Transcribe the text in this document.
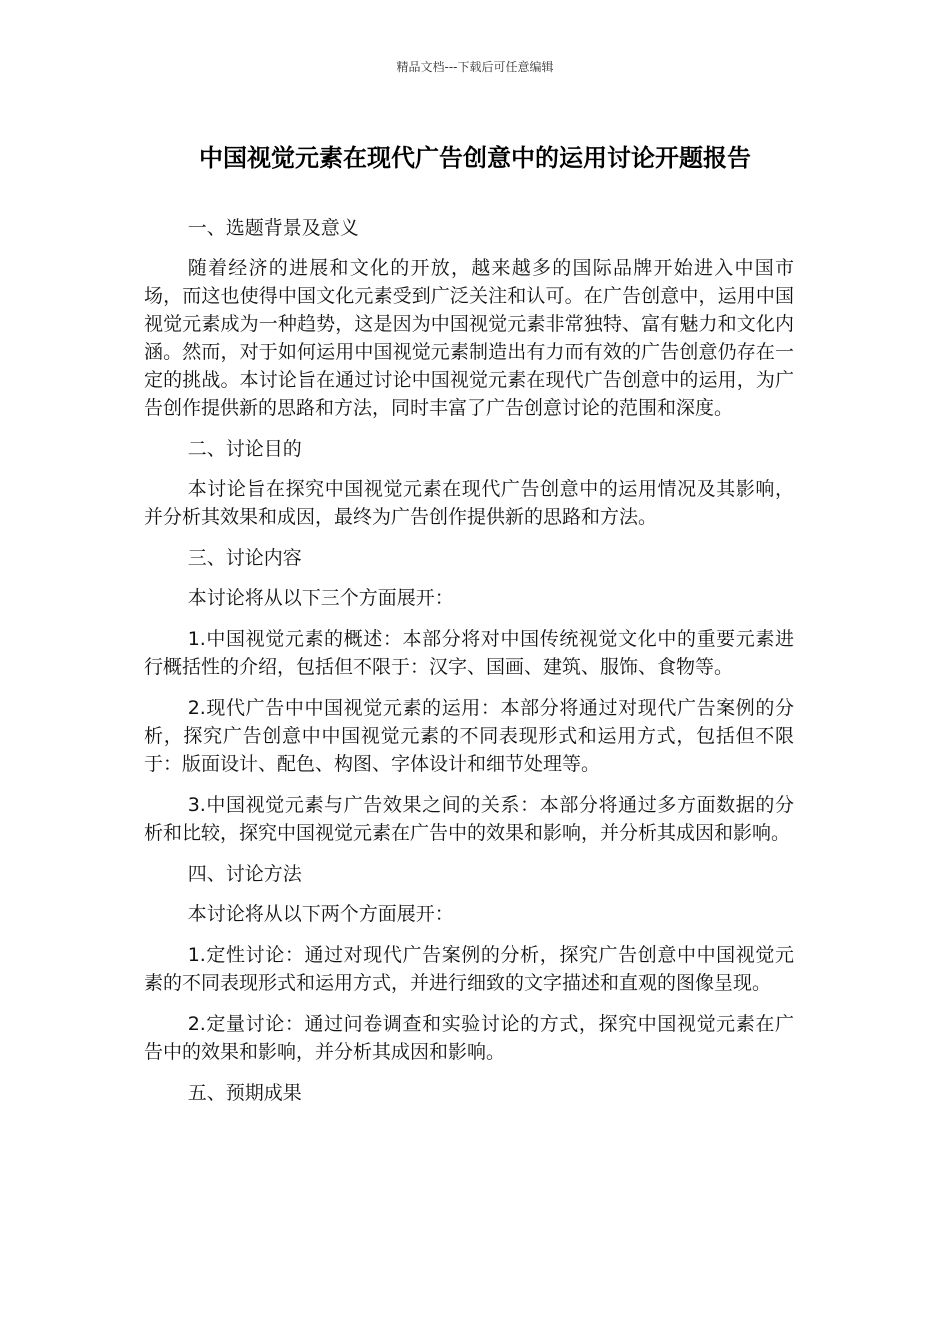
精品文档---下载后可任意编辑
中国视觉元素在现代广告创意中的运用讨论开题报告

一、选题背景及意义

随着经济的进展和文化的开放，越来越多的国际品牌开始进入中国市场，而这也使得中国文化元素受到广泛关注和认可。在广告创意中，运用中国视觉元素成为一种趋势，这是因为中国视觉元素非常独特、富有魅力和文化内涵。然而，对于如何运用中国视觉元素制造出有力而有效的广告创意仍存在一定的挑战。本讨论旨在通过讨论中国视觉元素在现代广告创意中的运用，为广告创作提供新的思路和方法，同时丰富了广告创意讨论的范围和深度。

二、讨论目的

本讨论旨在探究中国视觉元素在现代广告创意中的运用情况及其影响，并分析其效果和成因，最终为广告创作提供新的思路和方法。

三、讨论内容

本讨论将从以下三个方面展开：

1.中国视觉元素的概述：本部分将对中国传统视觉文化中的重要元素进行概括性的介绍，包括但不限于：汉字、国画、建筑、服饰、食物等。

2.现代广告中中国视觉元素的运用：本部分将通过对现代广告案例的分析，探究广告创意中中国视觉元素的不同表现形式和运用方式，包括但不限于：版面设计、配色、构图、字体设计和细节处理等。

3.中国视觉元素与广告效果之间的关系：本部分将通过多方面数据的分析和比较，探究中国视觉元素在广告中的效果和影响，并分析其成因和影响。

四、讨论方法

本讨论将从以下两个方面展开：

1.定性讨论：通过对现代广告案例的分析，探究广告创意中中国视觉元素的不同表现形式和运用方式，并进行细致的文字描述和直观的图像呈现。

2.定量讨论：通过问卷调查和实验讨论的方式，探究中国视觉元素在广告中的效果和影响，并分析其成因和影响。

五、预期成果
